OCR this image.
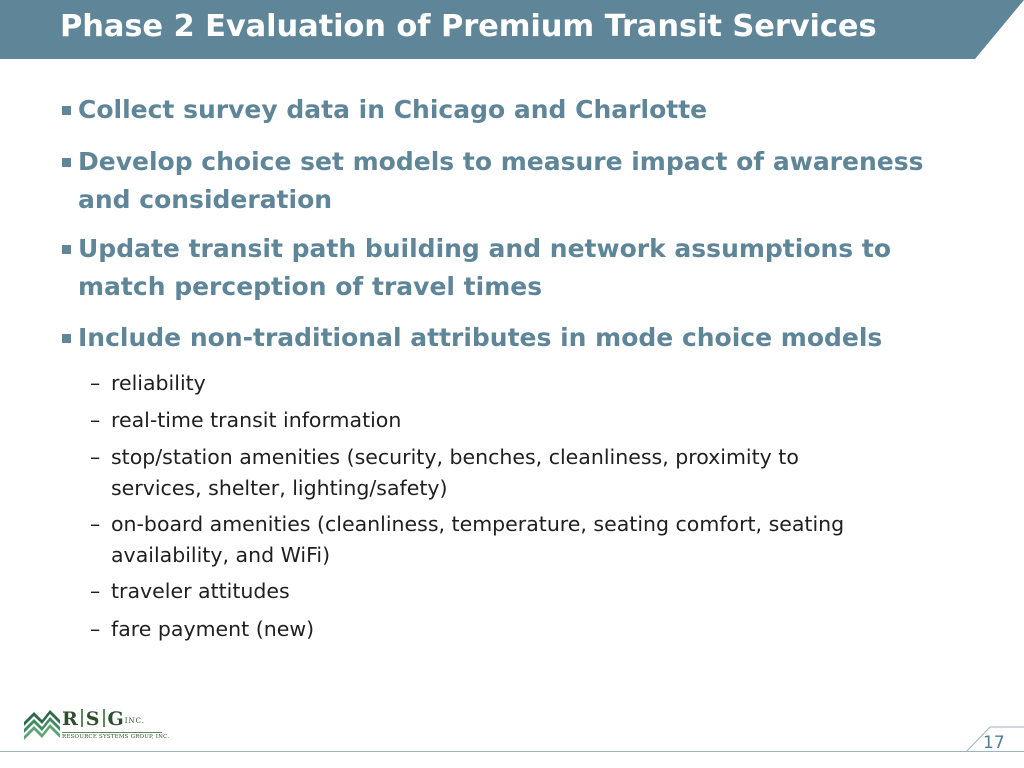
Phase 2 Evaluation of Premium Transit Services
Collect survey data in Chicago and Charlotte
Develop choice set models to measure impact of awareness
and consideration
Update transit path building and network assumptions to
match perception of travel times
Include non-traditional attributes in mode choice models
– reliability
– real-time transit information
– stop/station amenities (security, benches, cleanliness, proximity to
services, shelter, lighting/safety)
– on-board amenities (cleanliness, temperature, seating comfort, seating
availability, and WiFi)
– traveler attitudes
– fare payment (new)
17
R S GINC.
RESOURCE SYSTEMS GROUP, INC.
